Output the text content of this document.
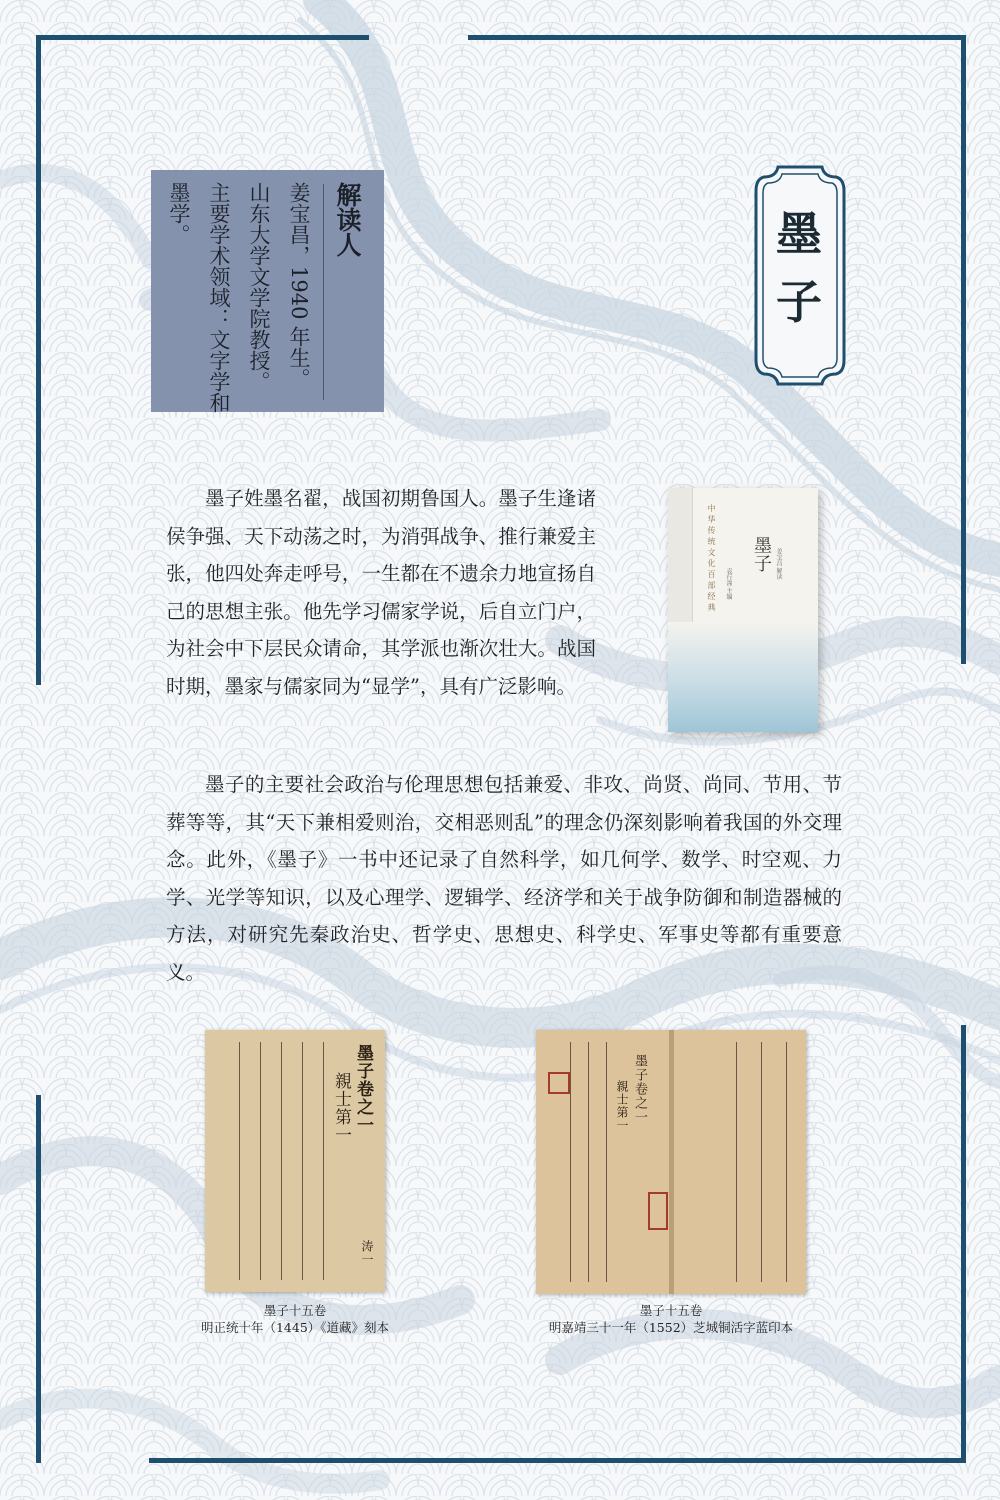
墨
子
解读人
姜宝昌，1940 年生。
山东大学文学院教授。
主要学术领域：文字学和
墨学。

墨子姓墨名翟，战国初期鲁国人。墨子生逢诸侯争强、天下动荡之时，为消弭战争、推行兼爱主张，他四处奔走呼号，一生都在不遗余力地宣扬自己的思想主张。他先学习儒家学说，后自立门户，为社会中下层民众请命，其学派也渐次壮大。战国时期，墨家与儒家同为“显学”，具有广泛影响。

中华传统文化百部经典 墨子 姜宝昌 解读
袁行霈 主编

墨子的主要社会政治与伦理思想包括兼爱、非攻、尚贤、尚同、节用、节葬等等，其“天下兼相爱则治，交相恶则乱”的理念仍深刻影响着我国的外交理念。此外，《墨子》一书中还记录了自然科学，如几何学、数学、时空观、力学、光学等知识，以及心理学、逻辑学、经济学和关于战争防御和制造器械的方法，对研究先秦政治史、哲学史、思想史、科学史、军事史等都有重要意义。

墨子卷之一
親士第一
涛一
墨子十五卷
明正统十年（1445）《道藏》刻本
墨子卷之一
親士第一
墨子十五卷
明嘉靖三十一年（1552）芝城铜活字蓝印本
